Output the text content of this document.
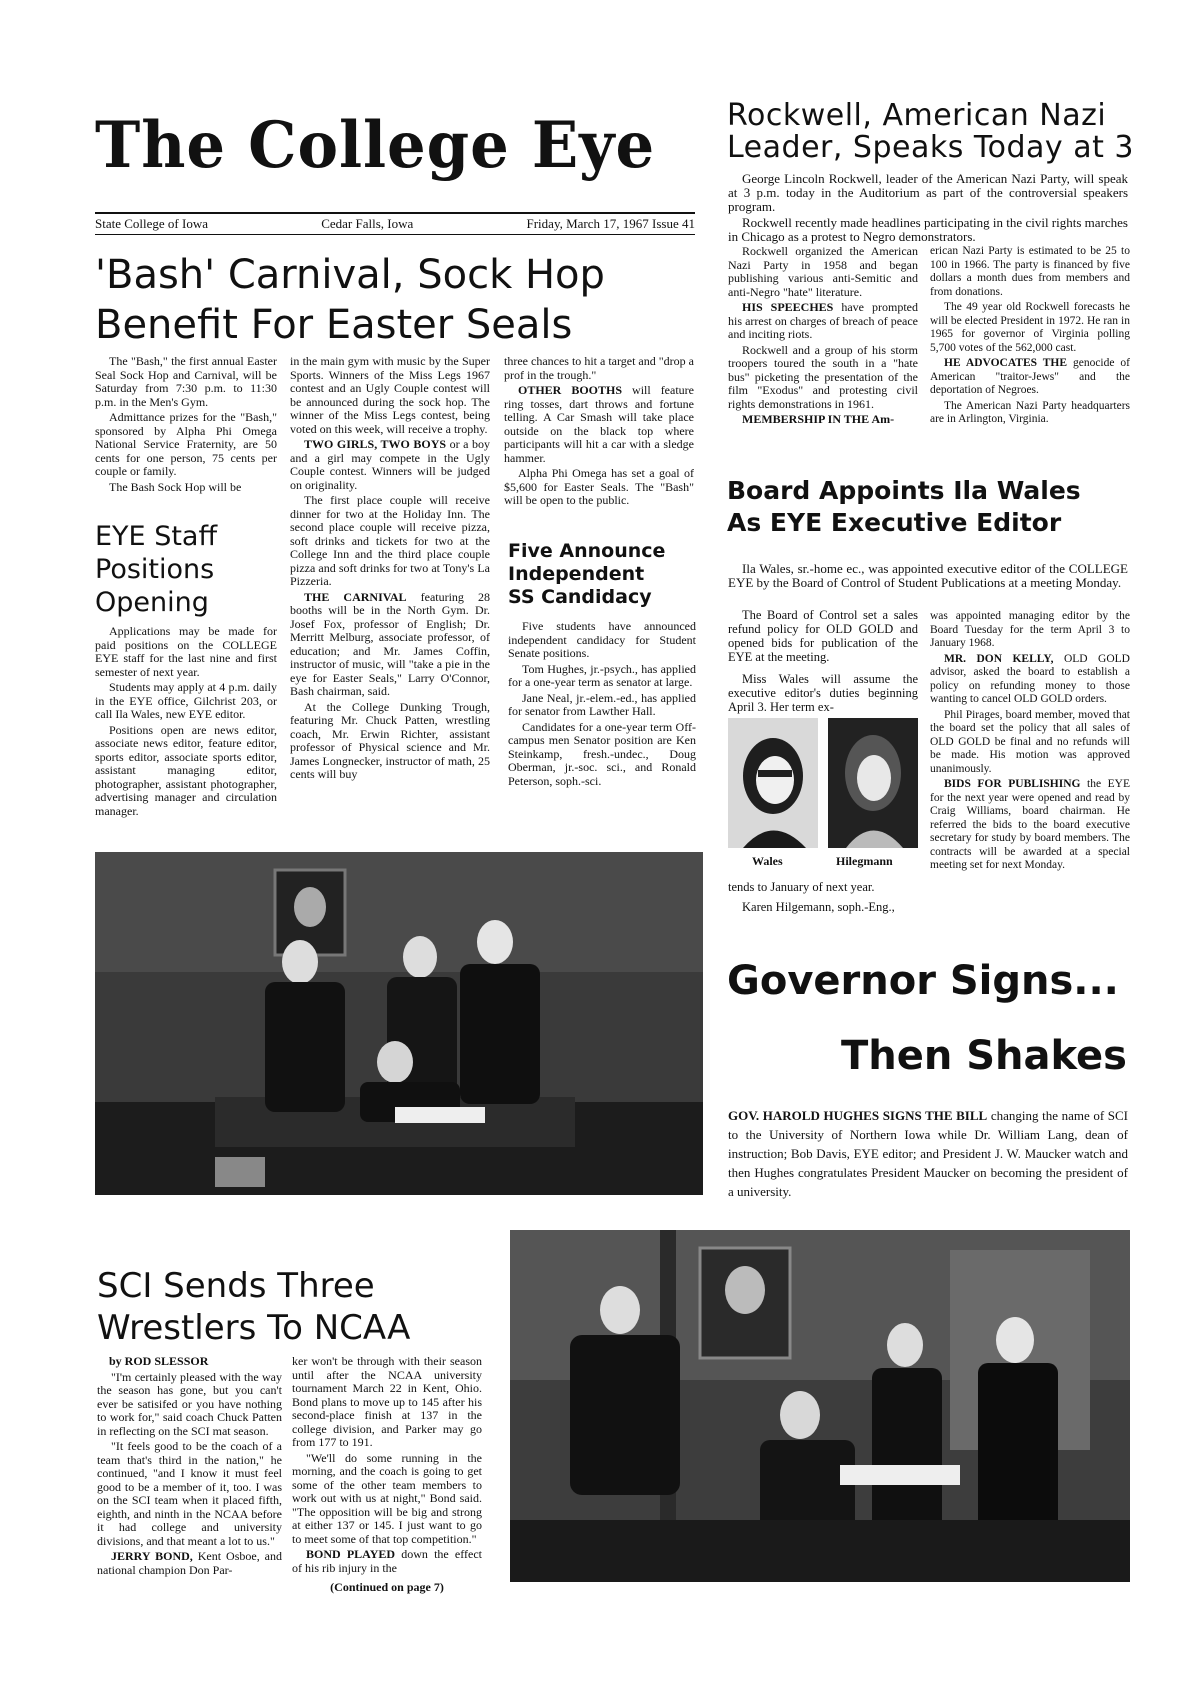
The College Eye
State College of Iowa	Cedar Falls, Iowa	Friday, March 17, 1967 Issue 41
Rockwell, American Nazi
Leader, Speaks Today at 3

George Lincoln Rockwell, leader of the American Nazi Party, will speak at 3 p.m. today in the Auditorium as part of the controversial speakers program.

Rockwell recently made headlines participating in the civil rights marches in Chicago as a protest to Negro demonstrators.

Rockwell organized the American Nazi Party in 1958 and began publishing various anti-Semitic and anti-Negro "hate" literature.

HIS SPEECHES have prompted his arrest on charges of breach of peace and inciting riots.

Rockwell and a group of his storm troopers toured the south in a "hate bus" picketing the presentation of the film "Exodus" and protesting civil rights demonstrations in 1961.

MEMBERSHIP IN THE Am-

erican Nazi Party is estimated to be 25 to 100 in 1966. The party is financed by five dollars a month dues from members and from donations.

The 49 year old Rockwell forecasts he will be elected President in 1972. He ran in 1965 for governor of Virginia polling 5,700 votes of the 562,000 cast.

HE ADVOCATES THE genocide of American "traitor-Jews" and the deportation of Negroes.

The American Nazi Party headquarters are in Arlington, Virginia.

'Bash' Carnival, Sock Hop
Benefit For Easter Seals

The "Bash," the first annual Easter Seal Sock Hop and Carnival, will be Saturday from 7:30 p.m. to 11:30 p.m. in the Men's Gym.

Admittance prizes for the "Bash," sponsored by Alpha Phi Omega National Service Fraternity, are 50 cents for one person, 75 cents per couple or family.

The Bash Sock Hop will be

in the main gym with music by the Super Sports. Winners of the Miss Legs 1967 contest and an Ugly Couple contest will be announced during the sock hop. The winner of the Miss Legs contest, being voted on this week, will receive a trophy.

TWO GIRLS, TWO BOYS or a boy and a girl may compete in the Ugly Couple contest. Winners will be judged on originality.

The first place couple will receive dinner for two at the Holiday Inn. The second place couple will receive pizza, soft drinks and tickets for two at the College Inn and the third place couple pizza and soft drinks for two at Tony's La Pizzeria.

THE CARNIVAL featuring 28 booths will be in the North Gym. Dr. Josef Fox, professor of English; Dr. Merritt Melburg, associate professor, of education; and Mr. James Coffin, instructor of music, will "take a pie in the eye for Easter Seals," Larry O'Connor, Bash chairman, said.

At the College Dunking Trough, featuring Mr. Chuck Patten, wrestling coach, Mr. Erwin Richter, assistant professor of Physical science and Mr. James Longnecker, instructor of math, 25 cents will buy

three chances to hit a target and "drop a prof in the trough."

OTHER BOOTHS will feature ring tosses, dart throws and fortune telling. A Car Smash will take place outside on the black top where participants will hit a car with a sledge hammer.

Alpha Phi Omega has set a goal of $5,600 for Easter Seals. The "Bash" will be open to the public.

EYE Staff
Positions
Opening

Applications may be made for paid positions on the COLLEGE EYE staff for the last nine and first semester of next year.

Students may apply at 4 p.m. daily in the EYE office, Gilchrist 203, or call Ila Wales, new EYE editor.

Positions open are news editor, associate news editor, feature editor, sports editor, associate sports editor, assistant managing editor, photographer, assistant photographer, advertising manager and circulation manager.

Five Announce
Independent
SS Candidacy

Five students have announced independent candidacy for Student Senate positions.

Tom Hughes, jr.-psych., has applied for a one-year term as senator at large.

Jane Neal, jr.-elem.-ed., has applied for senator from Lawther Hall.

Candidates for a one-year term Off-campus men Senator position are Ken Steinkamp, fresh.-undec., Doug Oberman, jr.-soc. sci., and Ronald Peterson, soph.-sci.

Board Appoints Ila Wales
As EYE Executive Editor

Ila Wales, sr.-home ec., was appointed executive editor of the COLLEGE EYE by the Board of Control of Student Publications at a meeting Monday.

The Board of Control set a sales refund policy for OLD GOLD and opened bids for publication of the EYE at the meeting.

Miss Wales will assume the executive editor's duties beginning April 3. Her term ex-

Wales	Hilegmann

tends to January of next year.

Karen Hilgemann, soph.-Eng.,

was appointed managing editor by the Board Tuesday for the term April 3 to January 1968.

MR. DON KELLY, OLD GOLD advisor, asked the board to establish a policy on refunding money to those wanting to cancel OLD GOLD orders.

Phil Pirages, board member, moved that the board set the policy that all sales of OLD GOLD be final and no refunds will be made. His motion was approved unanimously.

BIDS FOR PUBLISHING the EYE for the next year were opened and read by Craig Williams, board chairman. He referred the bids to the board executive secretary for study by board members. The contracts will be awarded at a special meeting set for next Monday.

Governor Signs...
Then Shakes

GOV. HAROLD HUGHES SIGNS THE BILL changing the name of SCI to the University of Northern Iowa while Dr. William Lang, dean of instruction; Bob Davis, EYE editor; and President J. W. Maucker watch and then Hughes congratulates President Maucker on becoming the president of a university.

SCI Sends Three
Wrestlers To NCAA

by ROD SLESSOR

"I'm certainly pleased with the way the season has gone, but you can't ever be satisifed or you have nothing to work for," said coach Chuck Patten in reflecting on the SCI mat season.

"It feels good to be the coach of a team that's third in the nation," he continued, "and I know it must feel good to be a member of it, too. I was on the SCI team when it placed fifth, eighth, and ninth in the NCAA before it had college and university divisions, and that meant a lot to us."

JERRY BOND, Kent Osboe, and national champion Don Par-

ker won't be through with their season until after the NCAA university tournament March 22 in Kent, Ohio. Bond plans to move up to 145 after his second-place finish at 137 in the college division, and Parker may go from 177 to 191.

"We'll do some running in the morning, and the coach is going to get some of the other team members to work out with us at night," Bond said. "The opposition will be big and strong at either 137 or 145. I just want to go to meet some of that top competition."

BOND PLAYED down the effect of his rib injury in the

(Continued on page 7)
